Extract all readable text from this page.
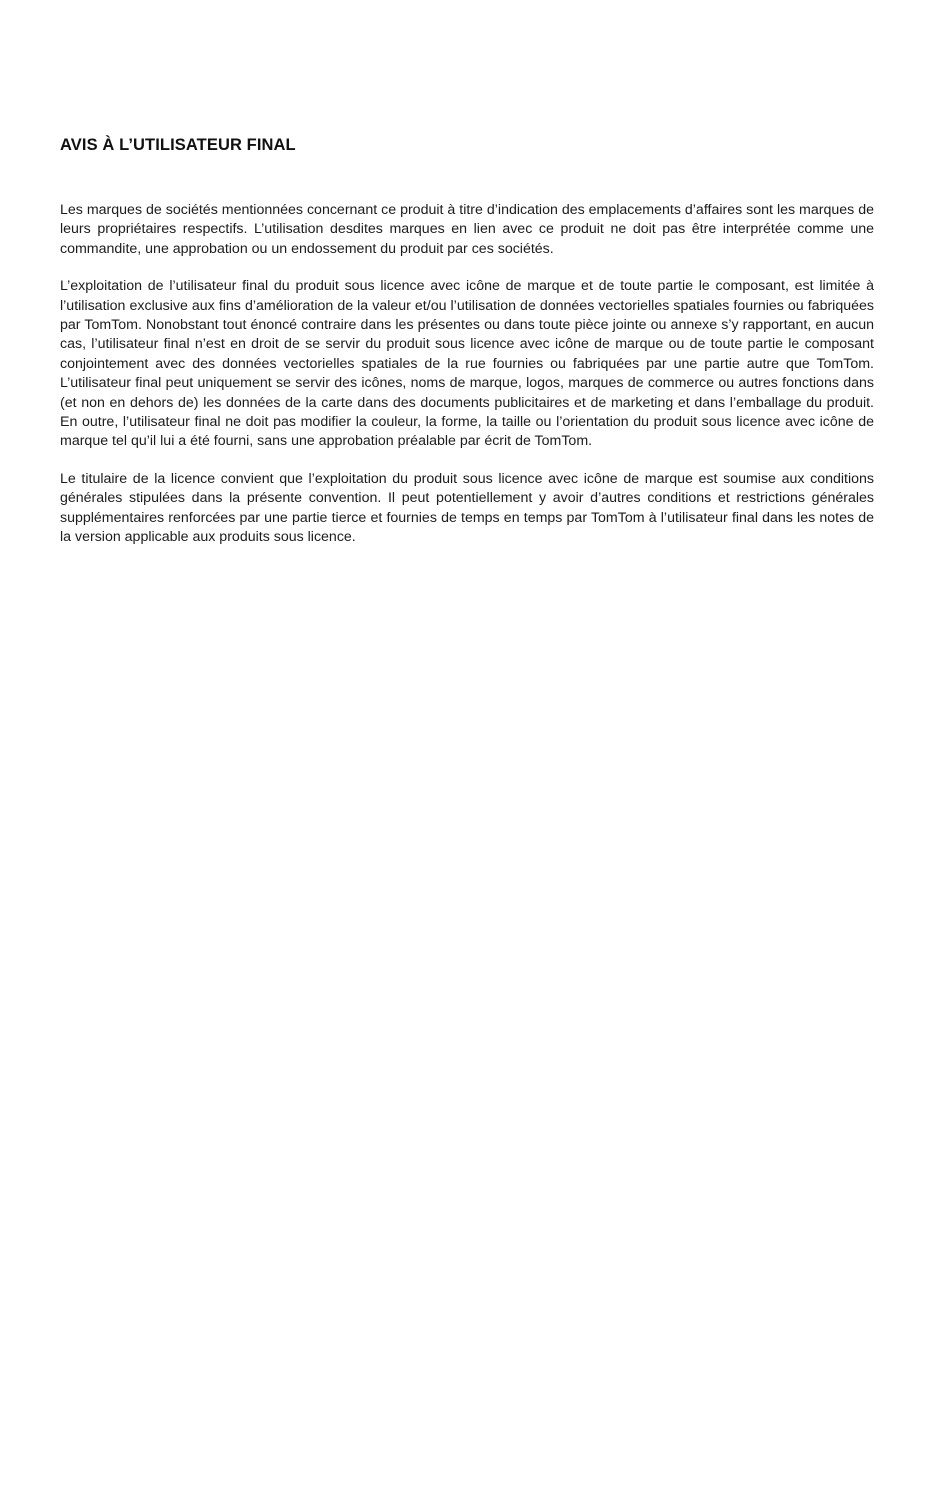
AVIS À L’UTILISATEUR FINAL

Les marques de sociétés mentionnées concernant ce produit à titre d’indication des emplacements d’affaires sont les marques de leurs propriétaires respectifs. L’utilisation desdites marques en lien avec ce produit ne doit pas être interprétée comme une commandite, une approbation ou un endossement du produit par ces sociétés.

L’exploitation de l’utilisateur final du produit sous licence avec icône de marque et de toute partie le composant, est limitée à l’utilisation exclusive aux fins d’amélioration de la valeur et/ou l’utilisation de données vectorielles spatiales fournies ou fabriquées par TomTom. Nonobstant tout énoncé contraire dans les présentes ou dans toute pièce jointe ou annexe s’y rapportant, en aucun cas, l’utilisateur final n’est en droit de se servir du produit sous licence avec icône de marque ou de toute partie le composant conjointement avec des données vectorielles spatiales de la rue fournies ou fabriquées par une partie autre que TomTom. L’utilisateur final peut uniquement se servir des icônes, noms de marque, logos, marques de commerce ou autres fonctions dans (et non en dehors de) les données de la carte dans des documents publicitaires et de marketing et dans l’emballage du produit. En outre, l’utilisateur final ne doit pas modifier la couleur, la forme, la taille ou l’orientation du produit sous licence avec icône de marque tel qu’il lui a été fourni, sans une approbation préalable par écrit de TomTom.

Le titulaire de la licence convient que l’exploitation du produit sous licence avec icône de marque est soumise aux conditions générales stipulées dans la présente convention. Il peut potentiellement y avoir d’autres conditions et restrictions générales supplémentaires renforcées par une partie tierce et fournies de temps en temps par TomTom à l’utilisateur final dans les notes de la version applicable aux produits sous licence.
